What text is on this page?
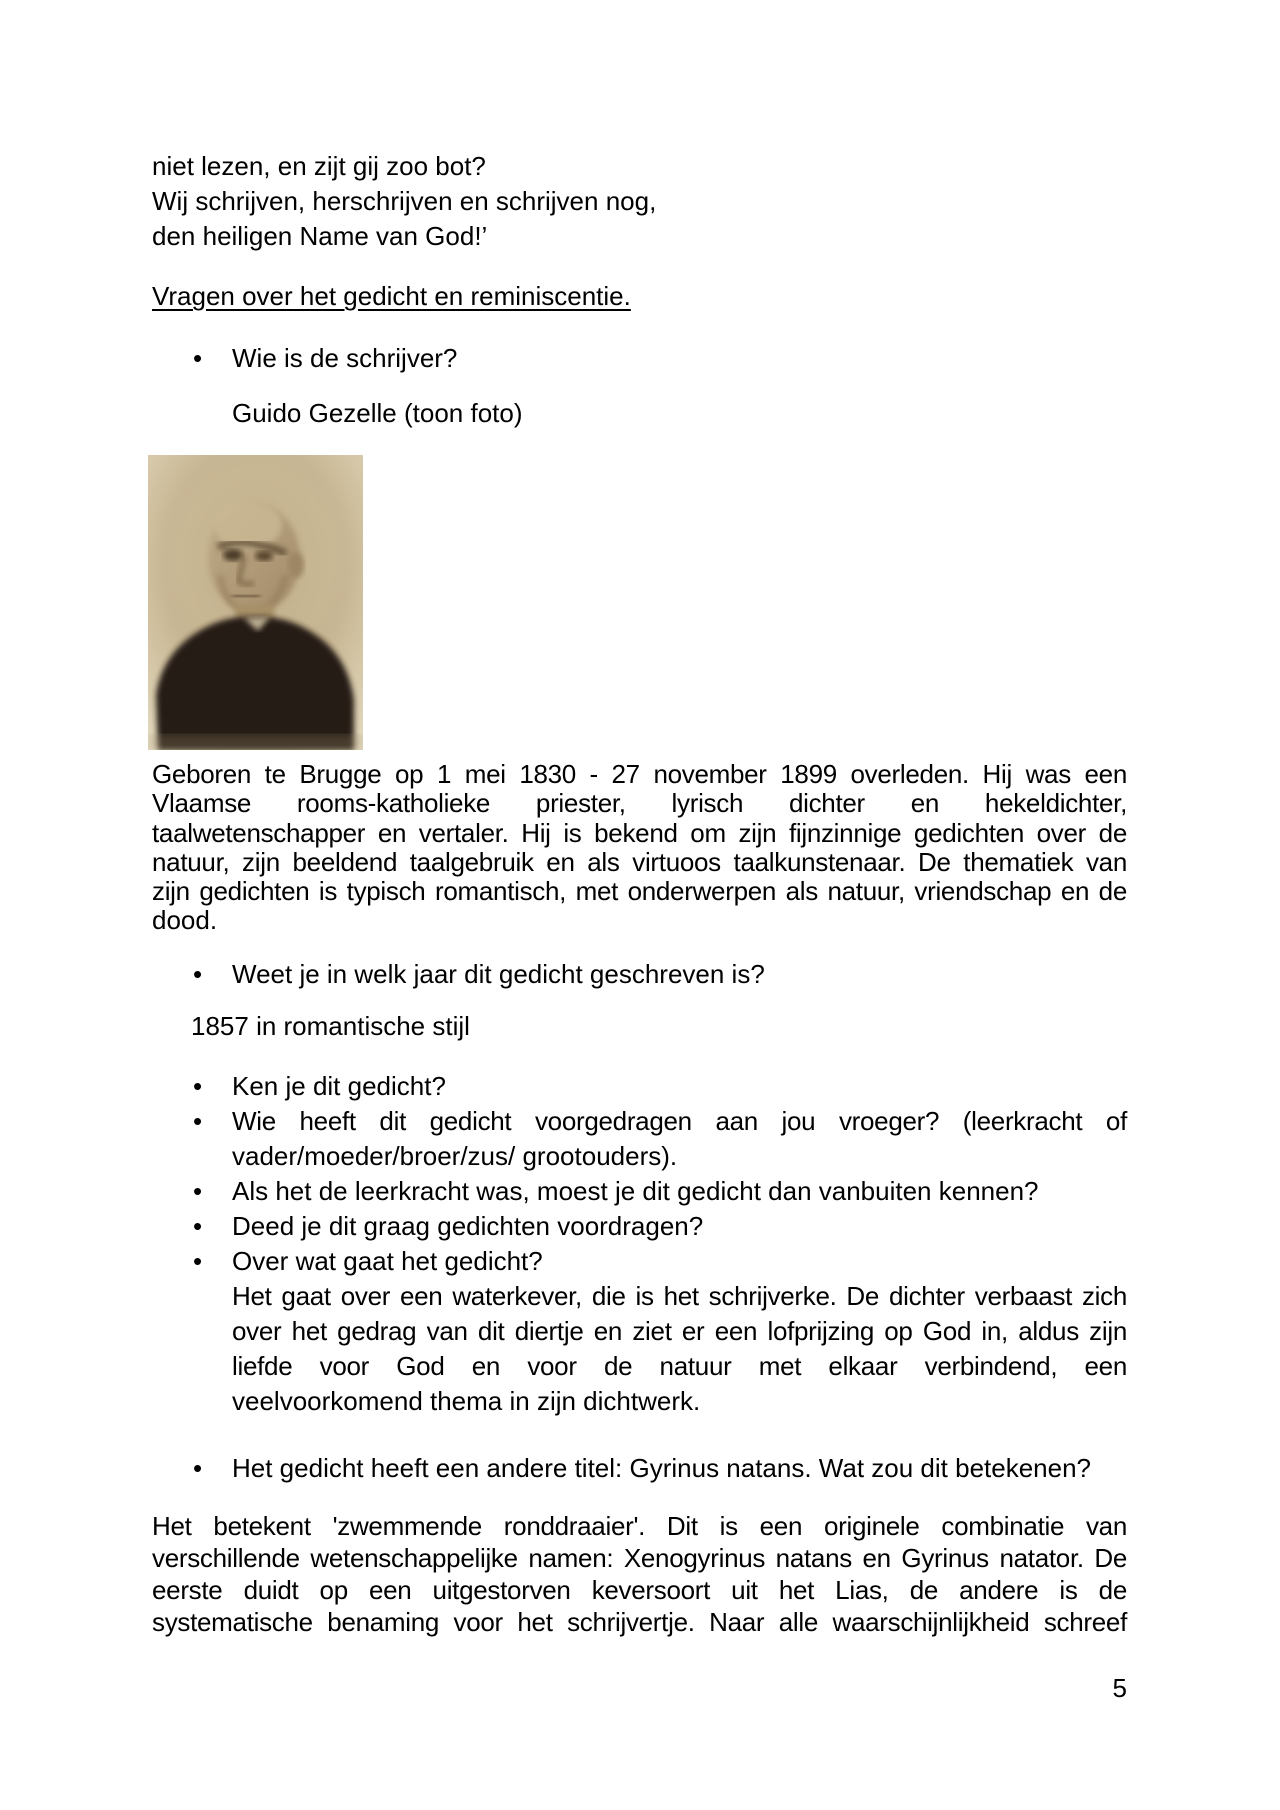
niet lezen, en zijt gij zoo bot?
Wij schrijven, herschrijven en schrijven nog,
den heiligen Name van God!’
Vragen over het gedicht en reminiscentie.
•	Wie is de schrijver?
Guido Gezelle (toon foto)
Geboren te Brugge op 1 mei 1830 - 27 november 1899 overleden. Hij was een
Vlaamse rooms-katholieke priester, lyrisch dichter en hekeldichter,
taalwetenschapper en vertaler. Hij is bekend om zijn fijnzinnige gedichten over de
natuur, zijn beeldend taalgebruik en als virtuoos taalkunstenaar. De thematiek van
zijn gedichten is typisch romantisch, met onderwerpen als natuur, vriendschap en de
dood.
•	Weet je in welk jaar dit gedicht geschreven is?
1857 in romantische stijl
•	Ken je dit gedicht?
•	Wie heeft dit gedicht voorgedragen aan jou vroeger? (leerkracht of
vader/moeder/broer/zus/ grootouders).
•	Als het de leerkracht was, moest je dit gedicht dan vanbuiten kennen?
•	Deed je dit graag gedichten voordragen?
•	Over wat gaat het gedicht?
Het gaat over een waterkever, die is het schrijverke. De dichter verbaast zich
over het gedrag van dit diertje en ziet er een lofprijzing op God in, aldus zijn
liefde voor God en voor de natuur met elkaar verbindend, een
veelvoorkomend thema in zijn dichtwerk.
•	Het gedicht heeft een andere titel: Gyrinus natans. Wat zou dit betekenen?
Het betekent 'zwemmende ronddraaier'. Dit is een originele combinatie van
verschillende wetenschappelijke namen: Xenogyrinus natans en Gyrinus natator. De
eerste duidt op een uitgestorven keversoort uit het Lias, de andere is de
systematische benaming voor het schrijvertje. Naar alle waarschijnlijkheid schreef
5
